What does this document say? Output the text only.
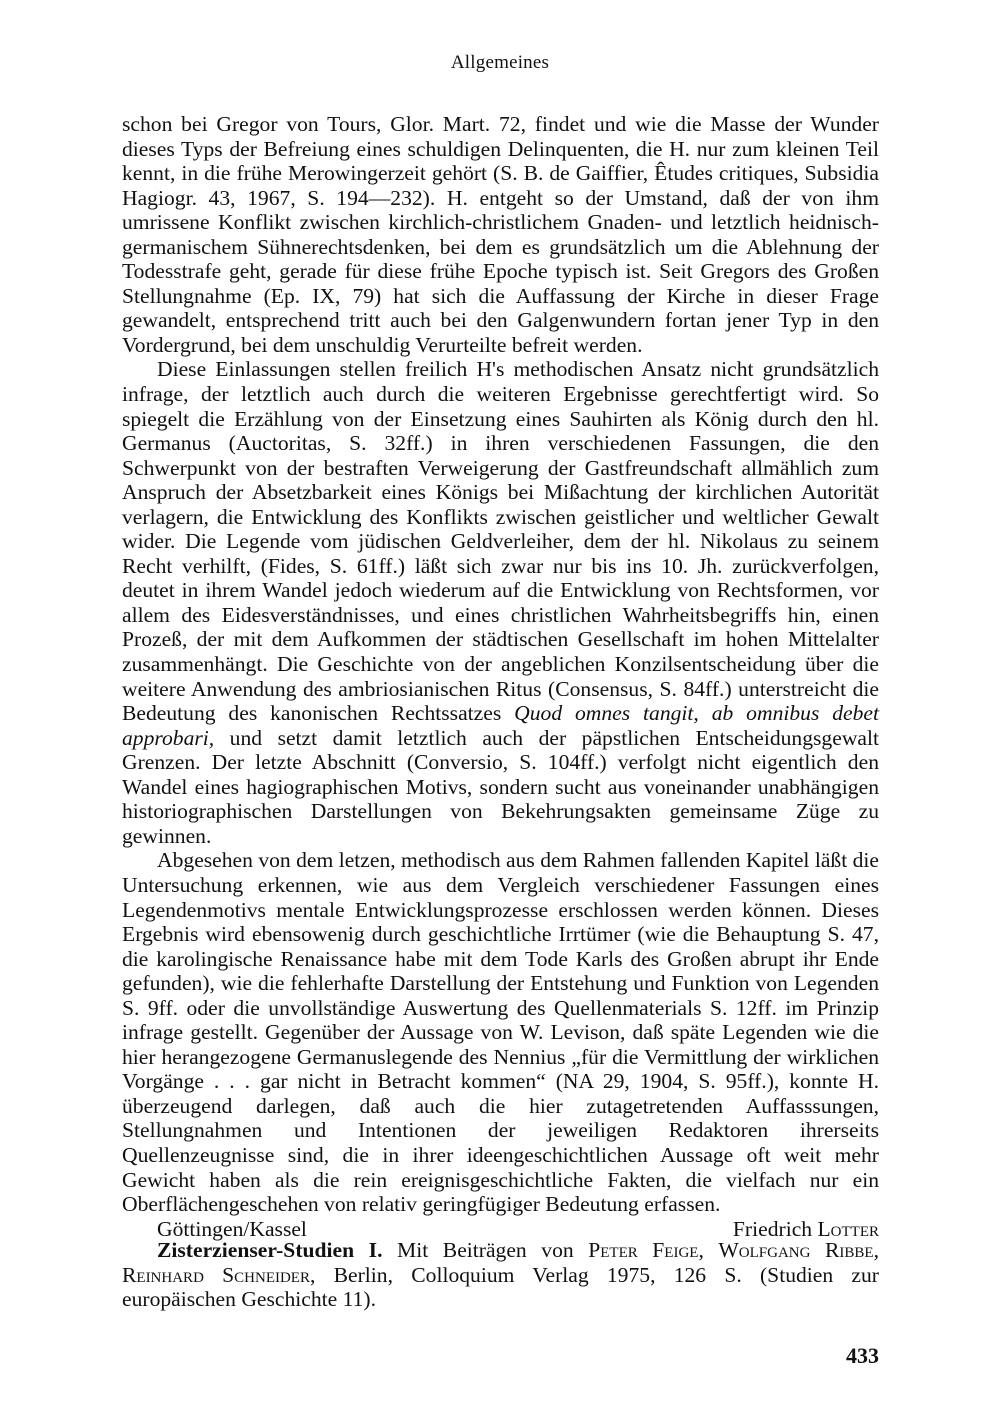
Allgemeines

schon bei Gregor von Tours, Glor. Mart. 72, findet und wie die Masse der Wunder dieses Typs der Befreiung eines schuldigen Delinquenten, die H. nur zum kleinen Teil kennt, in die frühe Merowingerzeit gehört (S. B. de Gaiffier, Êtudes critiques, Subsidia Hagiogr. 43, 1967, S. 194—232). H. entgeht so der Umstand, daß der von ihm umrissene Konflikt zwischen kirchlich-christlichem Gnaden- und letztlich heidnisch-germanischem Sühnerechtsdenken, bei dem es grundsätzlich um die Ablehnung der Todesstrafe geht, gerade für diese frühe Epoche typisch ist. Seit Gregors des Großen Stellungnahme (Ep. IX, 79) hat sich die Auffassung der Kirche in dieser Frage gewandelt, entsprechend tritt auch bei den Galgenwundern fortan jener Typ in den Vordergrund, bei dem unschuldig Verurteilte befreit werden.

Diese Einlassungen stellen freilich H's methodischen Ansatz nicht grundsätzlich infrage, der letztlich auch durch die weiteren Ergebnisse gerechtfertigt wird. So spiegelt die Erzählung von der Einsetzung eines Sauhirten als König durch den hl. Germanus (Auctoritas, S. 32ff.) in ihren verschiedenen Fassungen, die den Schwerpunkt von der bestraften Verweigerung der Gastfreundschaft allmählich zum Anspruch der Absetzbarkeit eines Königs bei Mißachtung der kirchlichen Autorität verlagern, die Entwicklung des Konflikts zwischen geistlicher und weltlicher Gewalt wider. Die Legende vom jüdischen Geldverleiher, dem der hl. Nikolaus zu seinem Recht verhilft, (Fides, S. 61ff.) läßt sich zwar nur bis ins 10. Jh. zurückverfolgen, deutet in ihrem Wandel jedoch wiederum auf die Entwicklung von Rechtsformen, vor allem des Eidesverständnisses, und eines christlichen Wahrheitsbegriffs hin, einen Prozeß, der mit dem Aufkommen der städtischen Gesellschaft im hohen Mittelalter zusammenhängt. Die Geschichte von der angeblichen Konzilsentscheidung über die weitere Anwendung des ambriosianischen Ritus (Consensus, S. 84ff.) unterstreicht die Bedeutung des kanonischen Rechtssatzes Quod omnes tangit, ab omnibus debet approbari, und setzt damit letztlich auch der päpstlichen Entscheidungsgewalt Grenzen. Der letzte Abschnitt (Conversio, S. 104ff.) verfolgt nicht eigentlich den Wandel eines hagiographischen Motivs, sondern sucht aus voneinander unabhängigen historiographischen Darstellungen von Bekehrungsakten gemeinsame Züge zu gewinnen.

Abgesehen von dem letzen, methodisch aus dem Rahmen fallenden Kapitel läßt die Untersuchung erkennen, wie aus dem Vergleich verschiedener Fassungen eines Legendenmotivs mentale Entwicklungsprozesse erschlossen werden können. Dieses Ergebnis wird ebensowenig durch geschichtliche Irrtümer (wie die Behauptung S. 47, die karolingische Renaissance habe mit dem Tode Karls des Großen abrupt ihr Ende gefunden), wie die fehlerhafte Darstellung der Entstehung und Funktion von Legenden S. 9ff. oder die unvollständige Auswertung des Quellenmaterials S. 12ff. im Prinzip infrage gestellt. Gegenüber der Aussage von W. Levison, daß späte Legenden wie die hier herangezogene Germanuslegende des Nennius „für die Vermittlung der wirklichen Vorgänge . . . gar nicht in Betracht kommen“ (NA 29, 1904, S. 95ff.), konnte H. überzeugend darlegen, daß auch die hier zutagetretenden Auffasssungen, Stellungnahmen und Intentionen der jeweiligen Redaktoren ihrerseits Quellenzeugnisse sind, die in ihrer ideengeschichtlichen Aussage oft weit mehr Gewicht haben als die rein ereignisgeschichtliche Fakten, die vielfach nur ein Oberflächengeschehen von relativ geringfügiger Bedeutung erfassen.

Göttingen/Kassel	Friedrich Lotter

Zisterzienser-Studien I. Mit Beiträgen von Peter Feige, Wolfgang Ribbe, Reinhard Schneider, Berlin, Colloquium Verlag 1975, 126 S. (Studien zur europäischen Geschichte 11).
433
